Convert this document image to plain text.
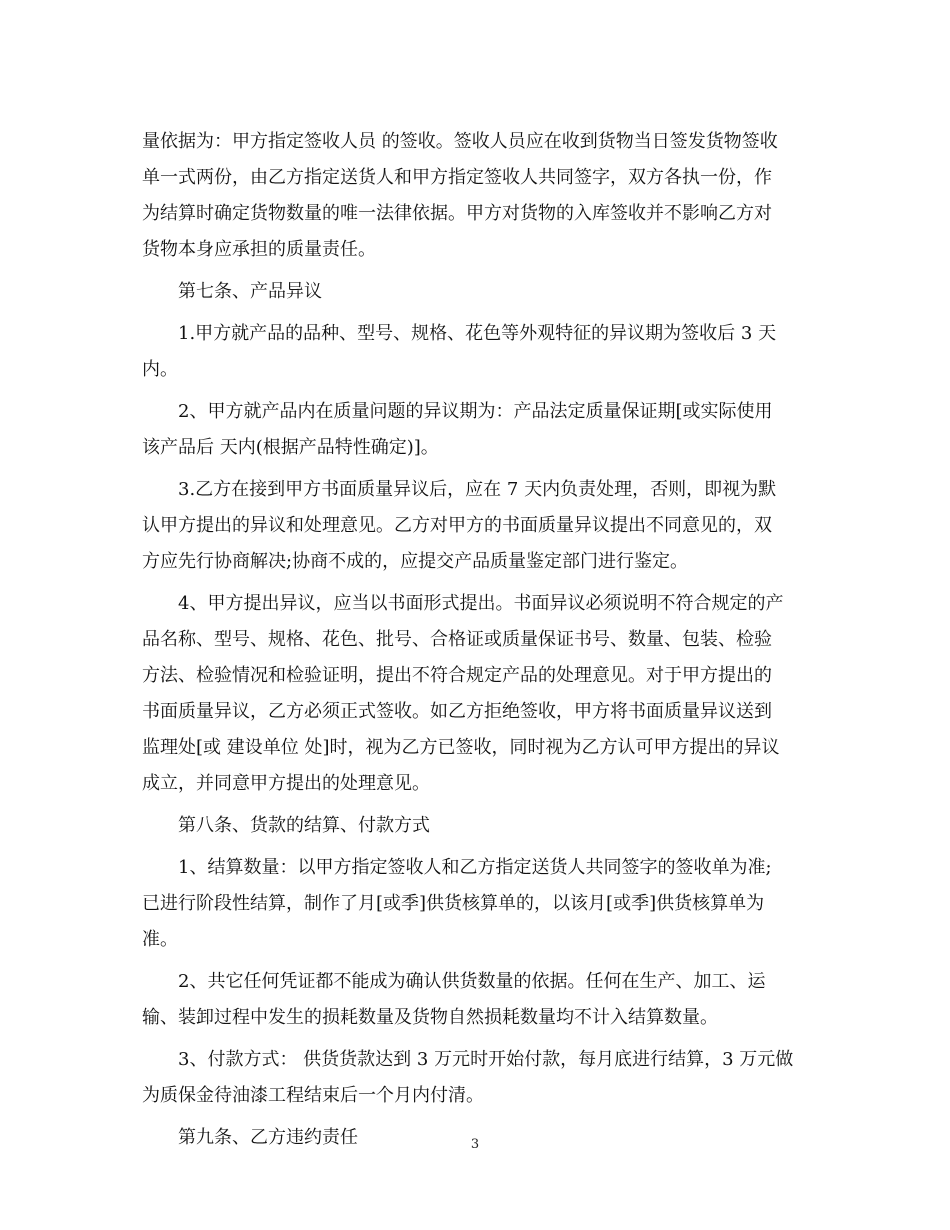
量依据为：甲方指定签收人员 的签收。签收人员应在收到货物当日签发货物签收
单一式两份，由乙方指定送货人和甲方指定签收人共同签字，双方各执一份，作
为结算时确定货物数量的唯一法律依据。甲方对货物的入库签收并不影响乙方对
货物本身应承担的质量责任。
　　第七条、产品异议
　　1.甲方就产品的品种、型号、规格、花色等外观特征的异议期为签收后 3 天
内。
　　2、甲方就产品内在质量问题的异议期为：产品法定质量保证期[或实际使用
该产品后 天内(根据产品特性确定)]。
　　3.乙方在接到甲方书面质量异议后，应在 7 天内负责处理，否则，即视为默
认甲方提出的异议和处理意见。乙方对甲方的书面质量异议提出不同意见的，双
方应先行协商解决;协商不成的，应提交产品质量鉴定部门进行鉴定。
　　4、甲方提出异议，应当以书面形式提出。书面异议必须说明不符合规定的产
品名称、型号、规格、花色、批号、合格证或质量保证书号、数量、包装、检验
方法、检验情况和检验证明，提出不符合规定产品的处理意见。对于甲方提出的
书面质量异议，乙方必须正式签收。如乙方拒绝签收，甲方将书面质量异议送到
监理处[或 建设单位 处]时，视为乙方已签收，同时视为乙方认可甲方提出的异议
成立，并同意甲方提出的处理意见。
　　第八条、货款的结算、付款方式
　　1、结算数量：以甲方指定签收人和乙方指定送货人共同签字的签收单为准;
已进行阶段性结算，制作了月[或季]供货核算单的，以该月[或季]供货核算单为
准。
　　2、共它任何凭证都不能成为确认供货数量的依据。任何在生产、加工、运
输、装卸过程中发生的损耗数量及货物自然损耗数量均不计入结算数量。
　　3、付款方式： 供货货款达到 3 万元时开始付款，每月底进行结算，3 万元做
为质保金待油漆工程结束后一个月内付清。
　　第九条、乙方违约责任	3
